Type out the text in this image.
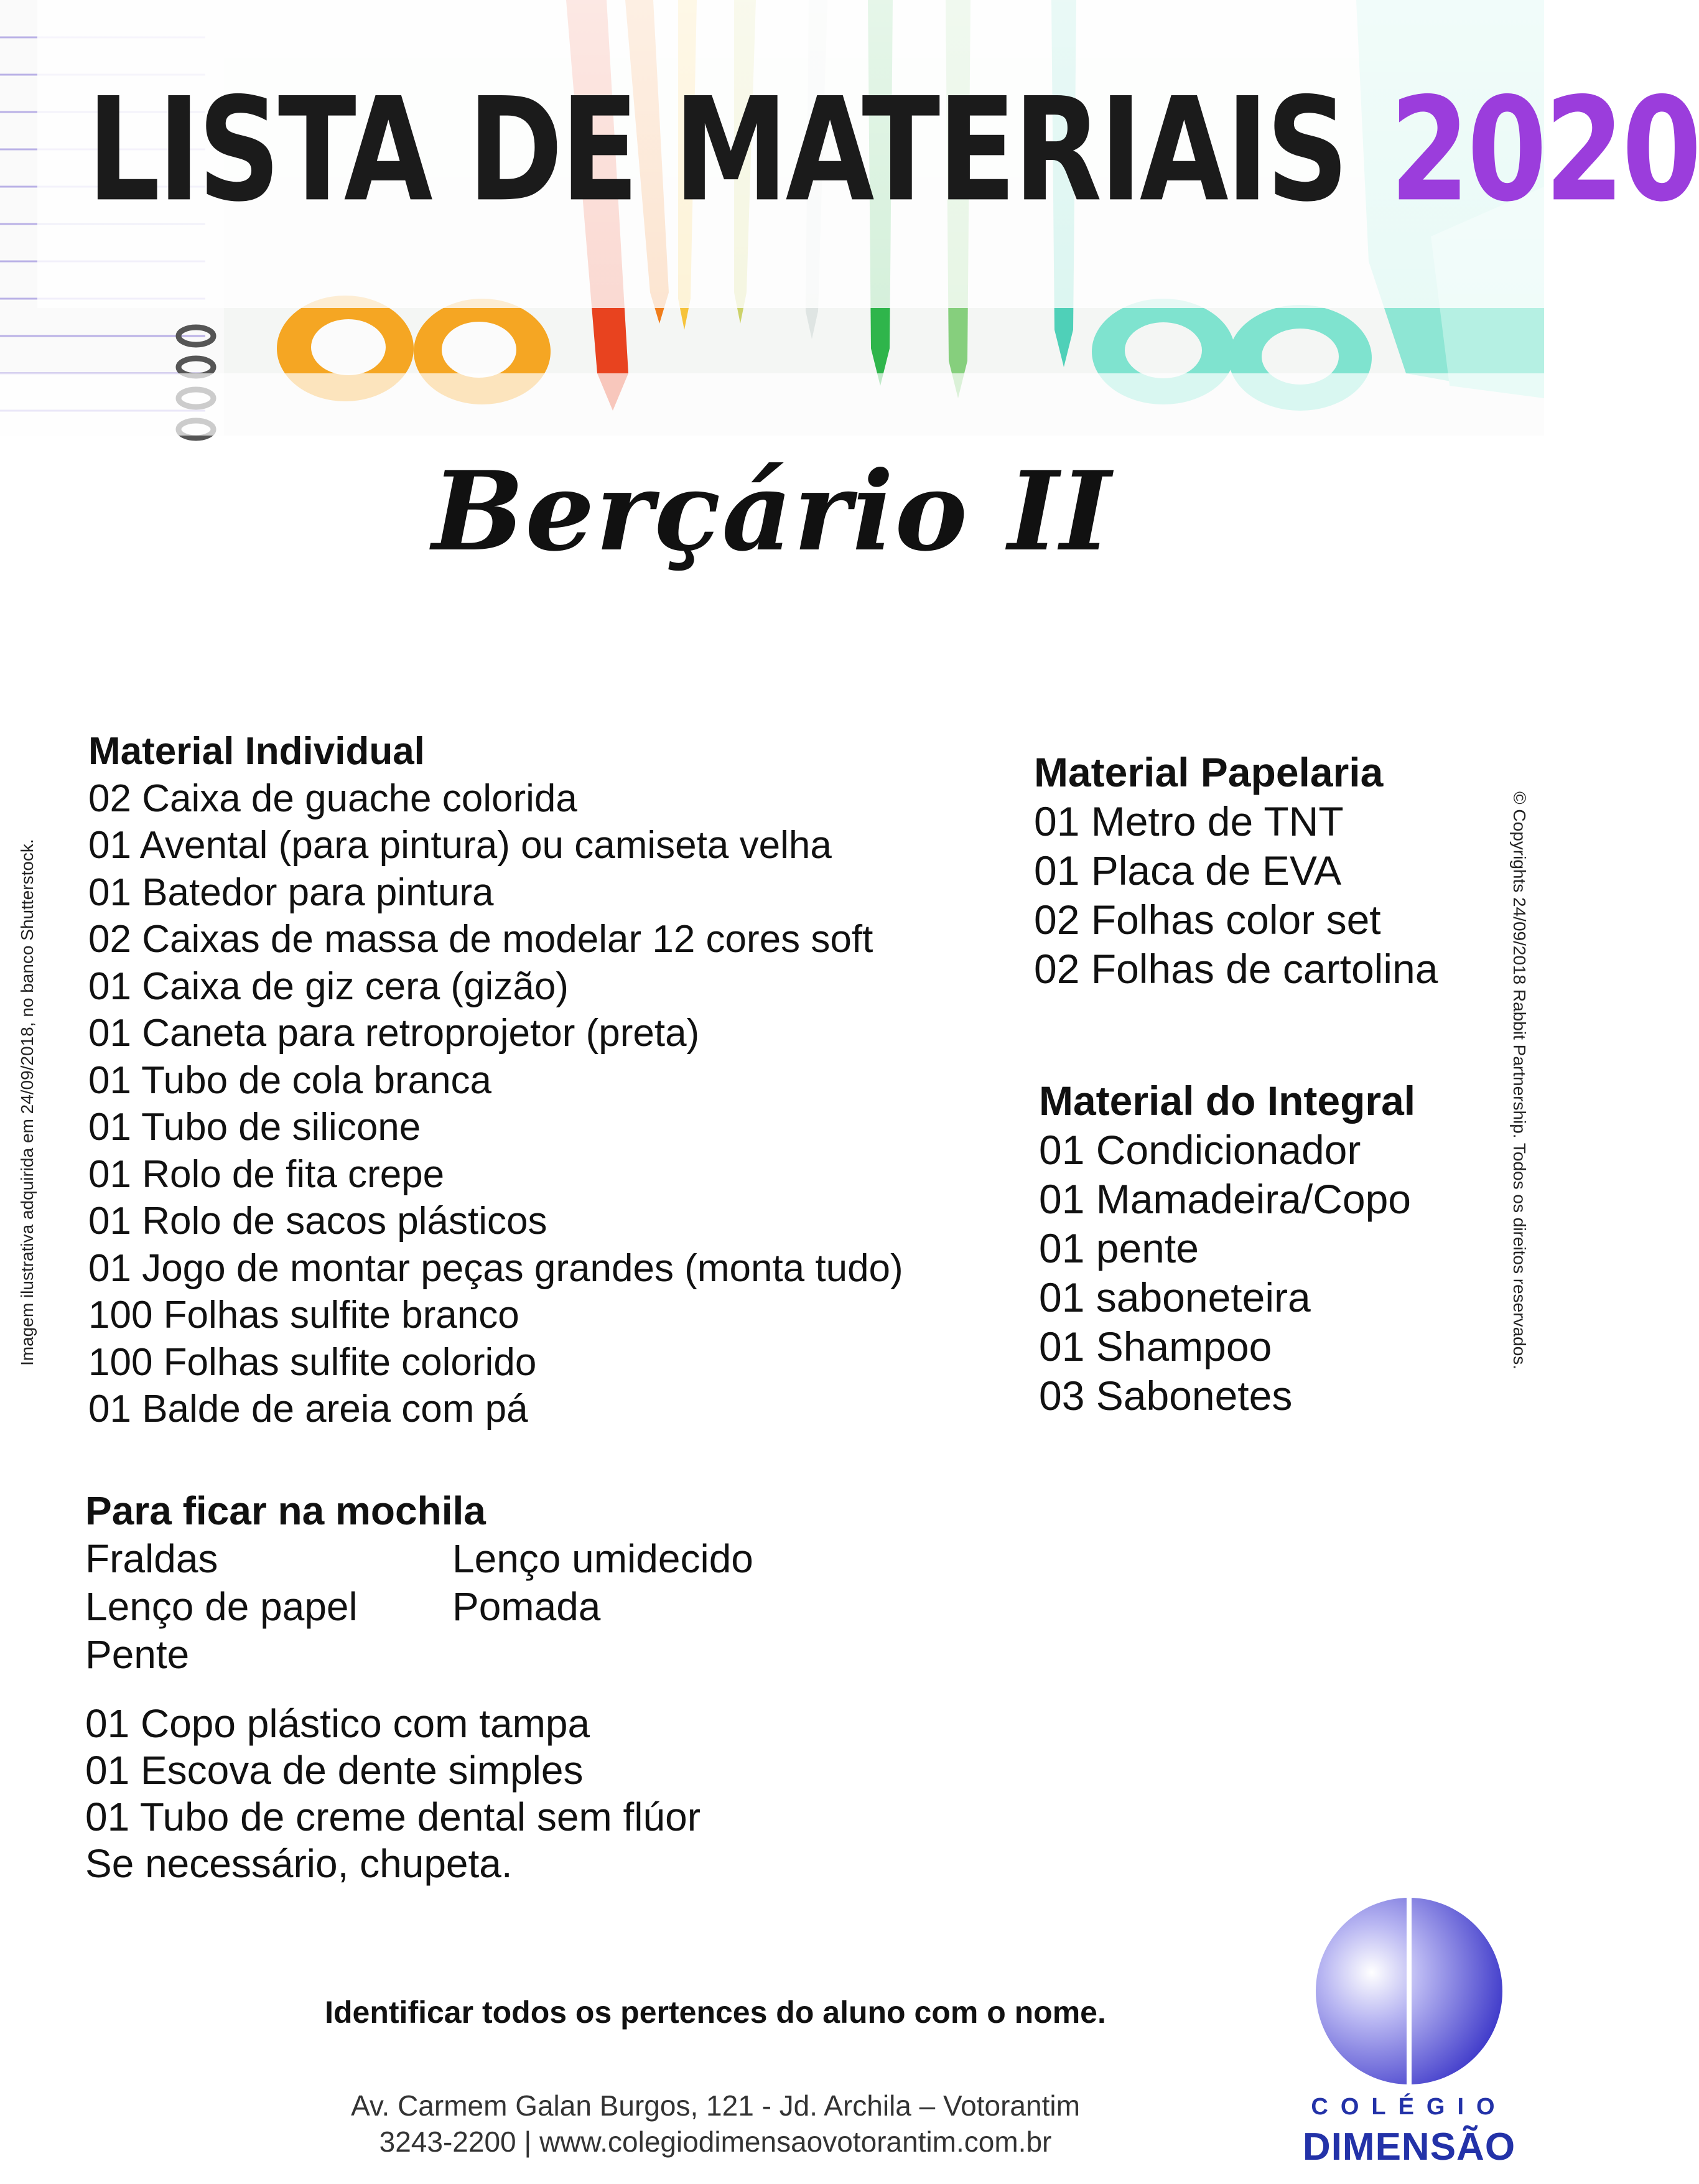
LISTA DE MATERIAIS 2020
Berçário II
Material Individual
02 Caixa de guache colorida
01 Avental (para pintura) ou camiseta velha
01 Batedor para pintura
02 Caixas de massa de modelar 12 cores soft
01 Caixa de giz cera (gizão)
01 Caneta para retroprojetor (preta)
01 Tubo de cola branca
01 Tubo de silicone
01 Rolo de fita crepe
01 Rolo de sacos plásticos
01 Jogo de montar peças grandes (monta tudo)
100 Folhas sulfite branco
100 Folhas sulfite colorido
01 Balde de areia com pá
Material Papelaria
01 Metro de TNT
01 Placa de EVA
02 Folhas color set
02 Folhas de cartolina
Material do Integral
01 Condicionador
01 Mamadeira/Copo
01 pente
01 saboneteira
01 Shampoo
03 Sabonetes
Para ficar na mochila
Fraldas	Lenço umidecido
Lenço de papel Pomada
Pente
01 Copo plástico com tampa
01 Escova de dente simples
01 Tubo de creme dental sem flúor
Se necessário, chupeta.
Imagem ilustrativa adquirida em 24/09/2018, no banco Shutterstock.	© Copyrights 24/09/2018 Rabbit Partnership. Todos os direitos reservados.
Identificar todos os pertences do aluno com o nome.
Av. Carmem Galan Burgos, 121 - Jd. Archila – Votorantim
3243-2200 | www.colegiodimensaovotorantim.com.br
COLÉGIO
DIMENSÃO
